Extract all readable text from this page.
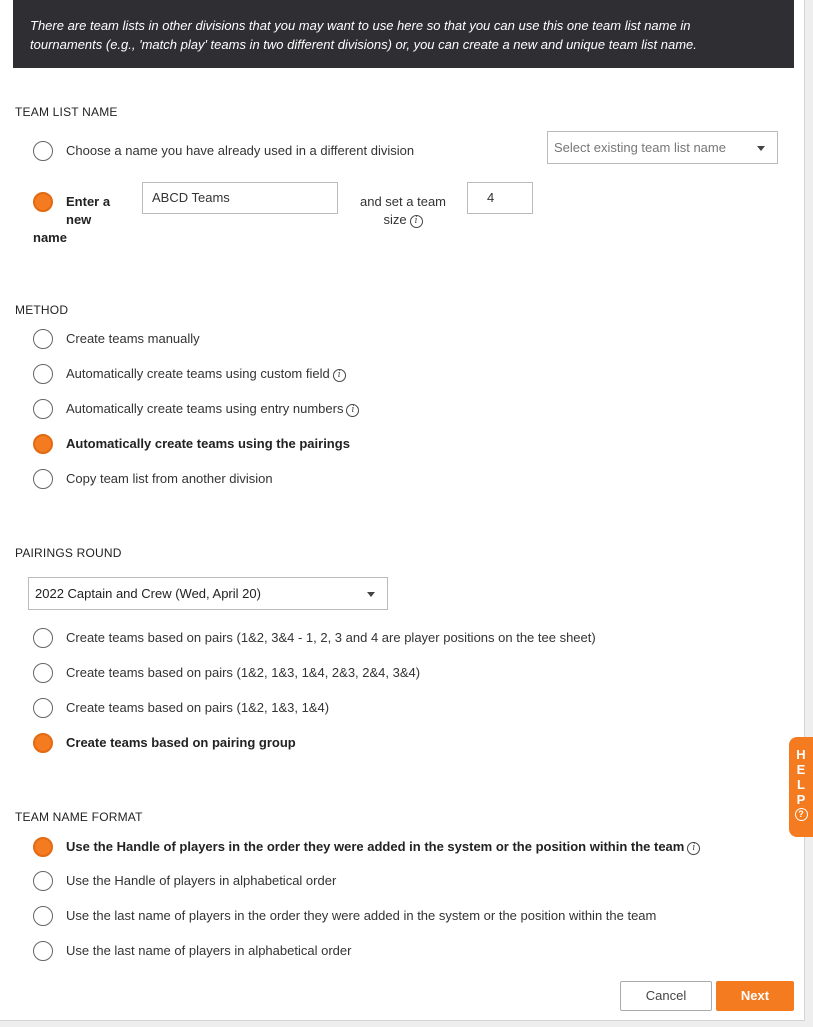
There are team lists in other divisions that you may want to use here so that you can use this one team list name in
tournaments (e.g., 'match play' teams in two different divisions) or, you can create a new and unique team list name.
TEAM LIST NAME
Choose a name you have already used in a different division	Select existing team list name
Enter a
new
name
ABCD Teams	and set a team
size i
4
METHOD
Create teams manually
Automatically create teams using custom field i
Automatically create teams using entry numbers i
Automatically create teams using the pairings
Copy team list from another division
PAIRINGS ROUND
2022 Captain and Crew (Wed, April 20)
Create teams based on pairs (1&2, 3&4 - 1, 2, 3 and 4 are player positions on the tee sheet)
Create teams based on pairs (1&2, 1&3, 1&4, 2&3, 2&4, 3&4)
Create teams based on pairs (1&2, 1&3, 1&4)
Create teams based on pairing group
TEAM NAME FORMAT
Use the Handle of players in the order they were added in the system or the position within the team i
Use the Handle of players in alphabetical order
Use the last name of players in the order they were added in the system or the position within the team
Use the last name of players in alphabetical order
Cancel	Next
H
E
L
P
?
